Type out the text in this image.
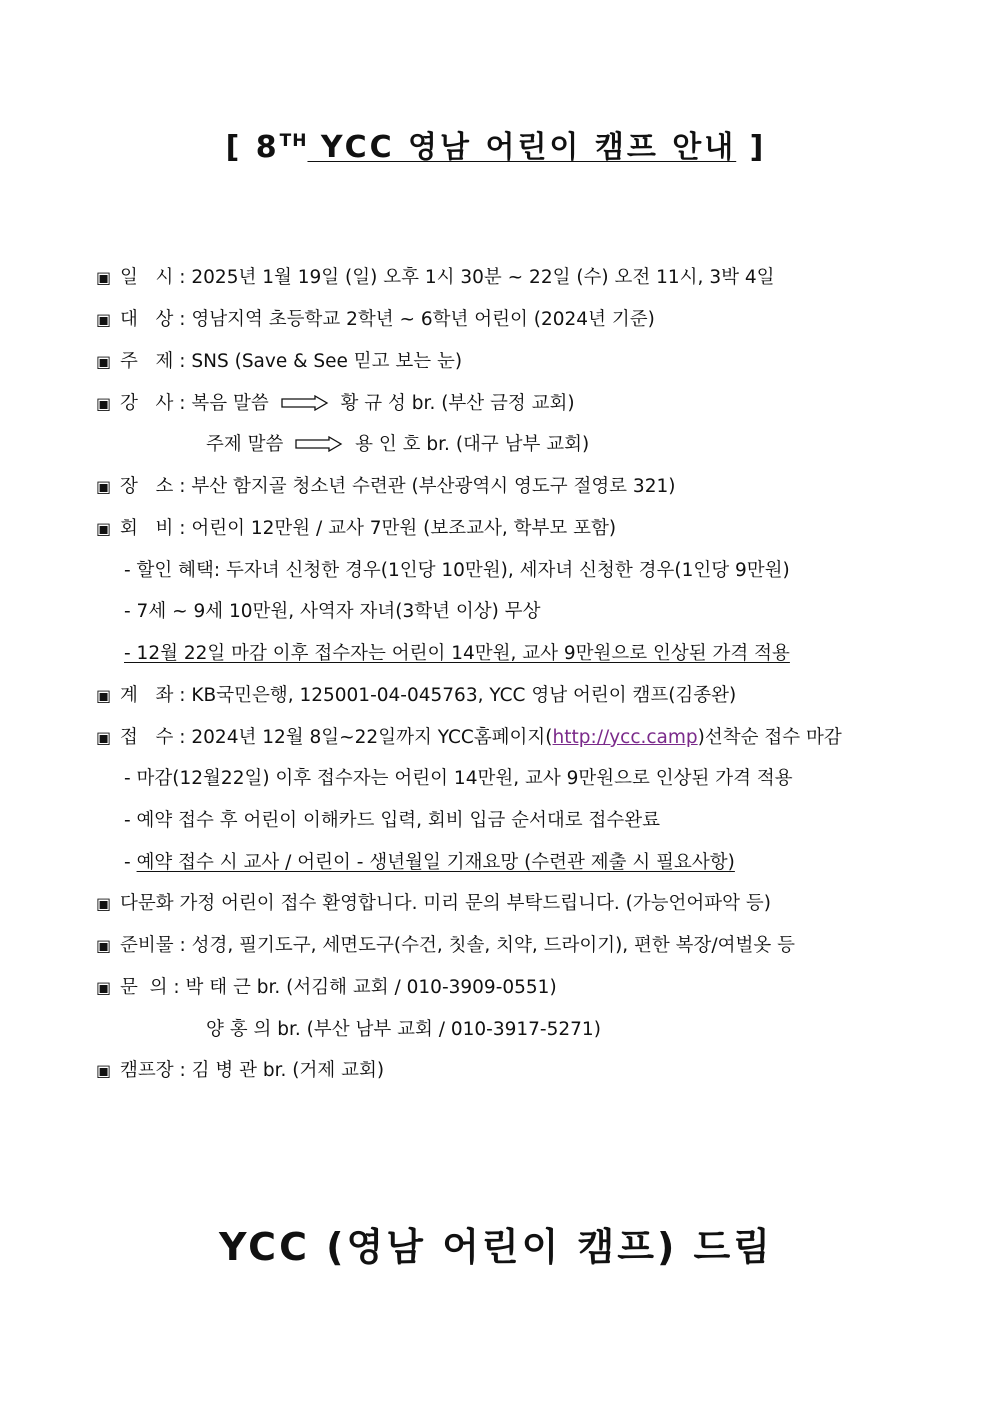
[ 8TH YCC 영남 어린이 캠프 안내 ]
▣ 일   시 : 2025년 1월 19일 (일) 오후 1시 30분 ~ 22일 (수) 오전 11시, 3박 4일
▣ 대   상 : 영남지역 초등학교 2학년 ~ 6학년 어린이 (2024년 기준)
▣ 주   제 : SNS (Save & See 믿고 보는 눈)
▣ 강   사 : 복음 말씀	황 규 성 br. (부산 금정 교회)
주제 말씀	용 인 호 br. (대구 남부 교회)
▣ 장   소 : 부산 함지골 청소년 수련관 (부산광역시 영도구 절영로 321)
▣ 회   비 : 어린이 12만원 / 교사 7만원 (보조교사, 학부모 포함)
- 할인 혜택: 두자녀 신청한 경우(1인당 10만원), 세자녀 신청한 경우(1인당 9만원)
- 7세 ~ 9세 10만원, 사역자 자녀(3학년 이상) 무상
- 12월 22일 마감 이후 접수자는 어린이 14만원, 교사 9만원으로 인상된 가격 적용
▣ 계   좌 : KB국민은행, 125001-04-045763, YCC 영남 어린이 캠프(김종완)
▣ 접   수 : 2024년 12월 8일~22일까지 YCC홈페이지(http://ycc.camp)선착순 접수 마감
- 마감(12월22일) 이후 접수자는 어린이 14만원, 교사 9만원으로 인상된 가격 적용
- 예약 접수 후 어린이 이해카드 입력, 회비 입금 순서대로 접수완료
- 예약 접수 시 교사 / 어린이 - 생년월일 기재요망 (수련관 제출 시 필요사항)
▣ 다문화 가정 어린이 접수 환영합니다. 미리 문의 부탁드립니다. (가능언어파악 등)
▣ 준비물 : 성경, 필기도구, 세면도구(수건, 칫솔, 치약, 드라이기), 편한 복장/여벌옷 등
▣ 문  의 : 박 태 근 br. (서김해 교회 / 010-3909-0551)
양 홍 의 br. (부산 남부 교회 / 010-3917-5271)
▣ 캠프장 : 김 병 관 br. (거제 교회)
YCC (영남 어린이 캠프) 드림
